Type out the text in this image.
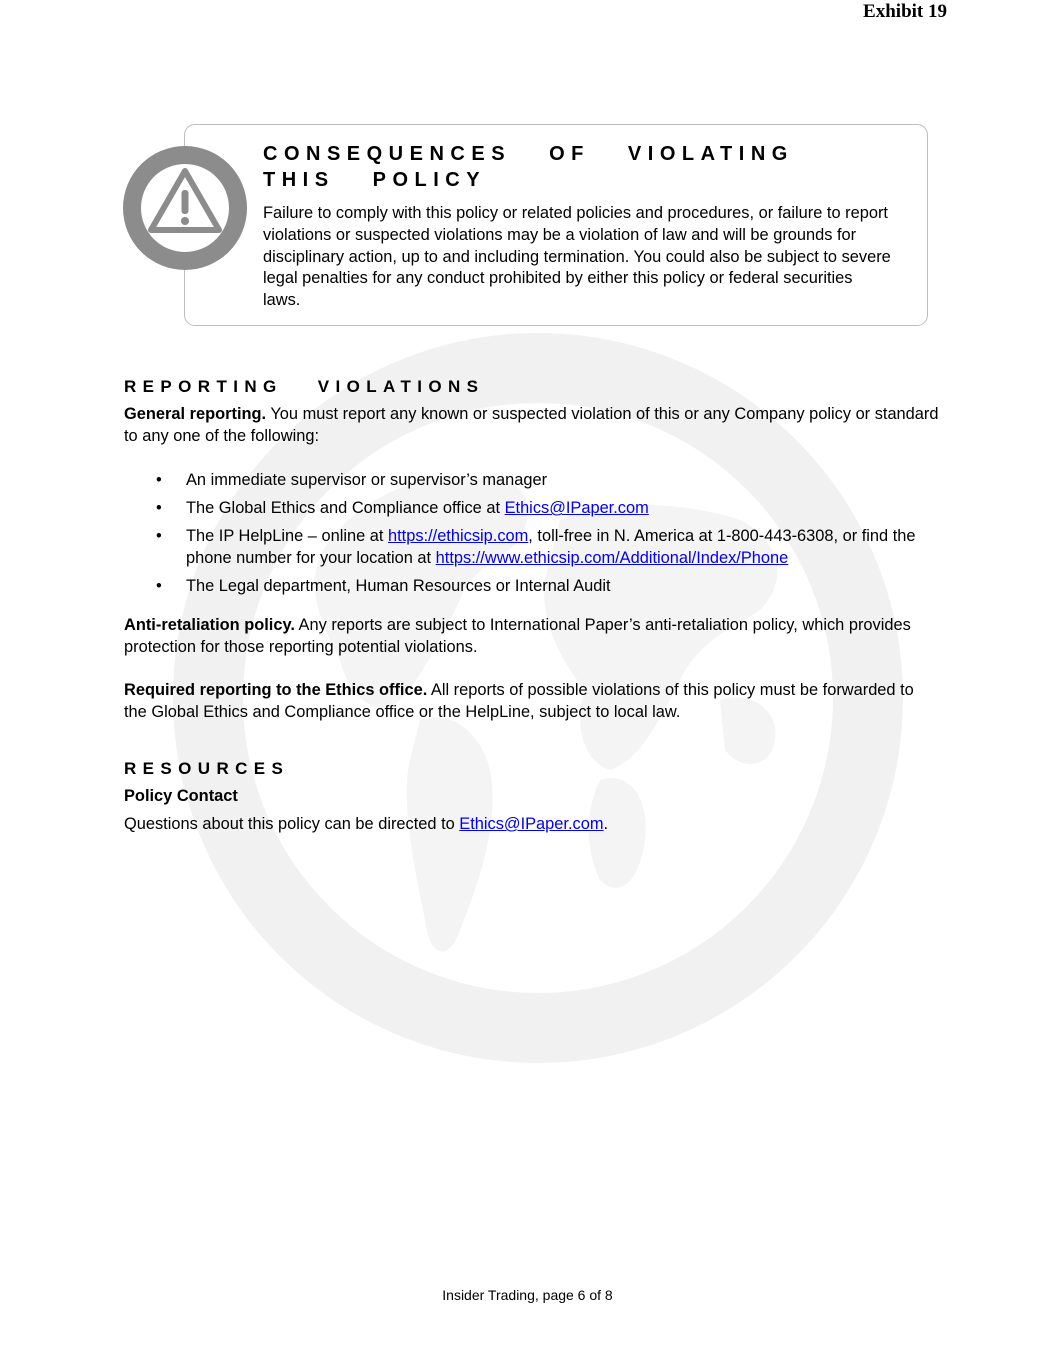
Exhibit 19
CONSEQUENCES OF VIOLATING THIS POLICY
Failure to comply with this policy or related policies and procedures, or failure to report violations or suspected violations may be a violation of law and will be grounds for disciplinary action, up to and including termination. You could also be subject to severe legal penalties for any conduct prohibited by either this policy or federal securities laws.
REPORTING VIOLATIONS
General reporting. You must report any known or suspected violation of this or any Company policy or standard to any one of the following:
• An immediate supervisor or supervisor’s manager
• The Global Ethics and Compliance office at Ethics@IPaper.com
• The IP HelpLine – online at https://ethicsip.com, toll-free in N. America at 1-800-443-6308, or find the phone number for your location at https://www.ethicsip.com/Additional/Index/Phone
• The Legal department, Human Resources or Internal Audit
Anti-retaliation policy. Any reports are subject to International Paper’s anti-retaliation policy, which provides protection for those reporting potential violations.
Required reporting to the Ethics office. All reports of possible violations of this policy must be forwarded to the Global Ethics and Compliance office or the HelpLine, subject to local law.
RESOURCES
Policy Contact
Questions about this policy can be directed to Ethics@IPaper.com.
Insider Trading, page 6 of 8
